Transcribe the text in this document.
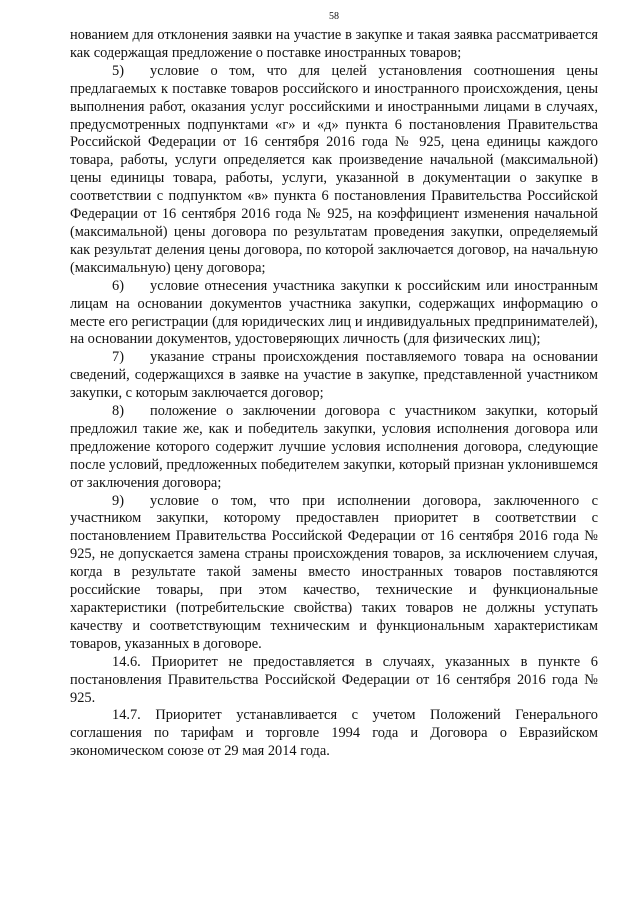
58

нованием для отклонения заявки на участие в закупке и такая заявка рассматривается как содержащая предложение о поставке иностранных товаров;

5) условие о том, что для целей установления соотношения цены предлагаемых к поставке товаров российского и иностранного происхождения, цены выполнения работ, оказания услуг российскими и иностранными лицами в случаях, предусмотренных подпунктами «г» и «д» пункта 6 постановления Правительства Российской Федерации от 16 сентября 2016 года № 925, цена единицы каждого товара, работы, услуги определяется как произведение начальной (максимальной) цены единицы товара, работы, услуги, указанной в документации о закупке в соответствии с подпунктом «в» пункта 6 постановления Правительства Российской Федерации от 16 сентября 2016 года № 925, на коэффициент изменения начальной (максимальной) цены договора по результатам проведения закупки, определяемый как результат деления цены договора, по которой заключается договор, на начальную (максимальную) цену договора;

6) условие отнесения участника закупки к российским или иностранным лицам на основании документов участника закупки, содержащих информацию о месте его регистрации (для юридических лиц и индивидуальных предпринимателей), на основании документов, удостоверяющих личность (для физических лиц);

7) указание страны происхождения поставляемого товара на основании сведений, содержащихся в заявке на участие в закупке, представленной участником закупки, с которым заключается договор;

8) положение о заключении договора с участником закупки, который предложил такие же, как и победитель закупки, условия исполнения договора или предложение которого содержит лучшие условия исполнения договора, следующие после условий, предложенных победителем закупки, который признан уклонившемся от заключения договора;

9) условие о том, что при исполнении договора, заключенного с участником закупки, которому предоставлен приоритет в соответствии с постановлением Правительства Российской Федерации от 16 сентября 2016 года № 925, не допускается замена страны происхождения товаров, за исключением случая, когда в результате такой замены вместо иностранных товаров поставляются российские товары, при этом качество, технические и функциональные характеристики (потребительские свойства) таких товаров не должны уступать качеству и соответствующим техническим и функциональным характеристикам товаров, указанных в договоре.

14.6. Приоритет не предоставляется в случаях, указанных в пункте 6 постановления Правительства Российской Федерации от 16 сентября 2016 года № 925.

14.7. Приоритет устанавливается с учетом Положений Генерального соглашения по тарифам и торговле 1994 года и Договора о Евразийском экономическом союзе от 29 мая 2014 года.
